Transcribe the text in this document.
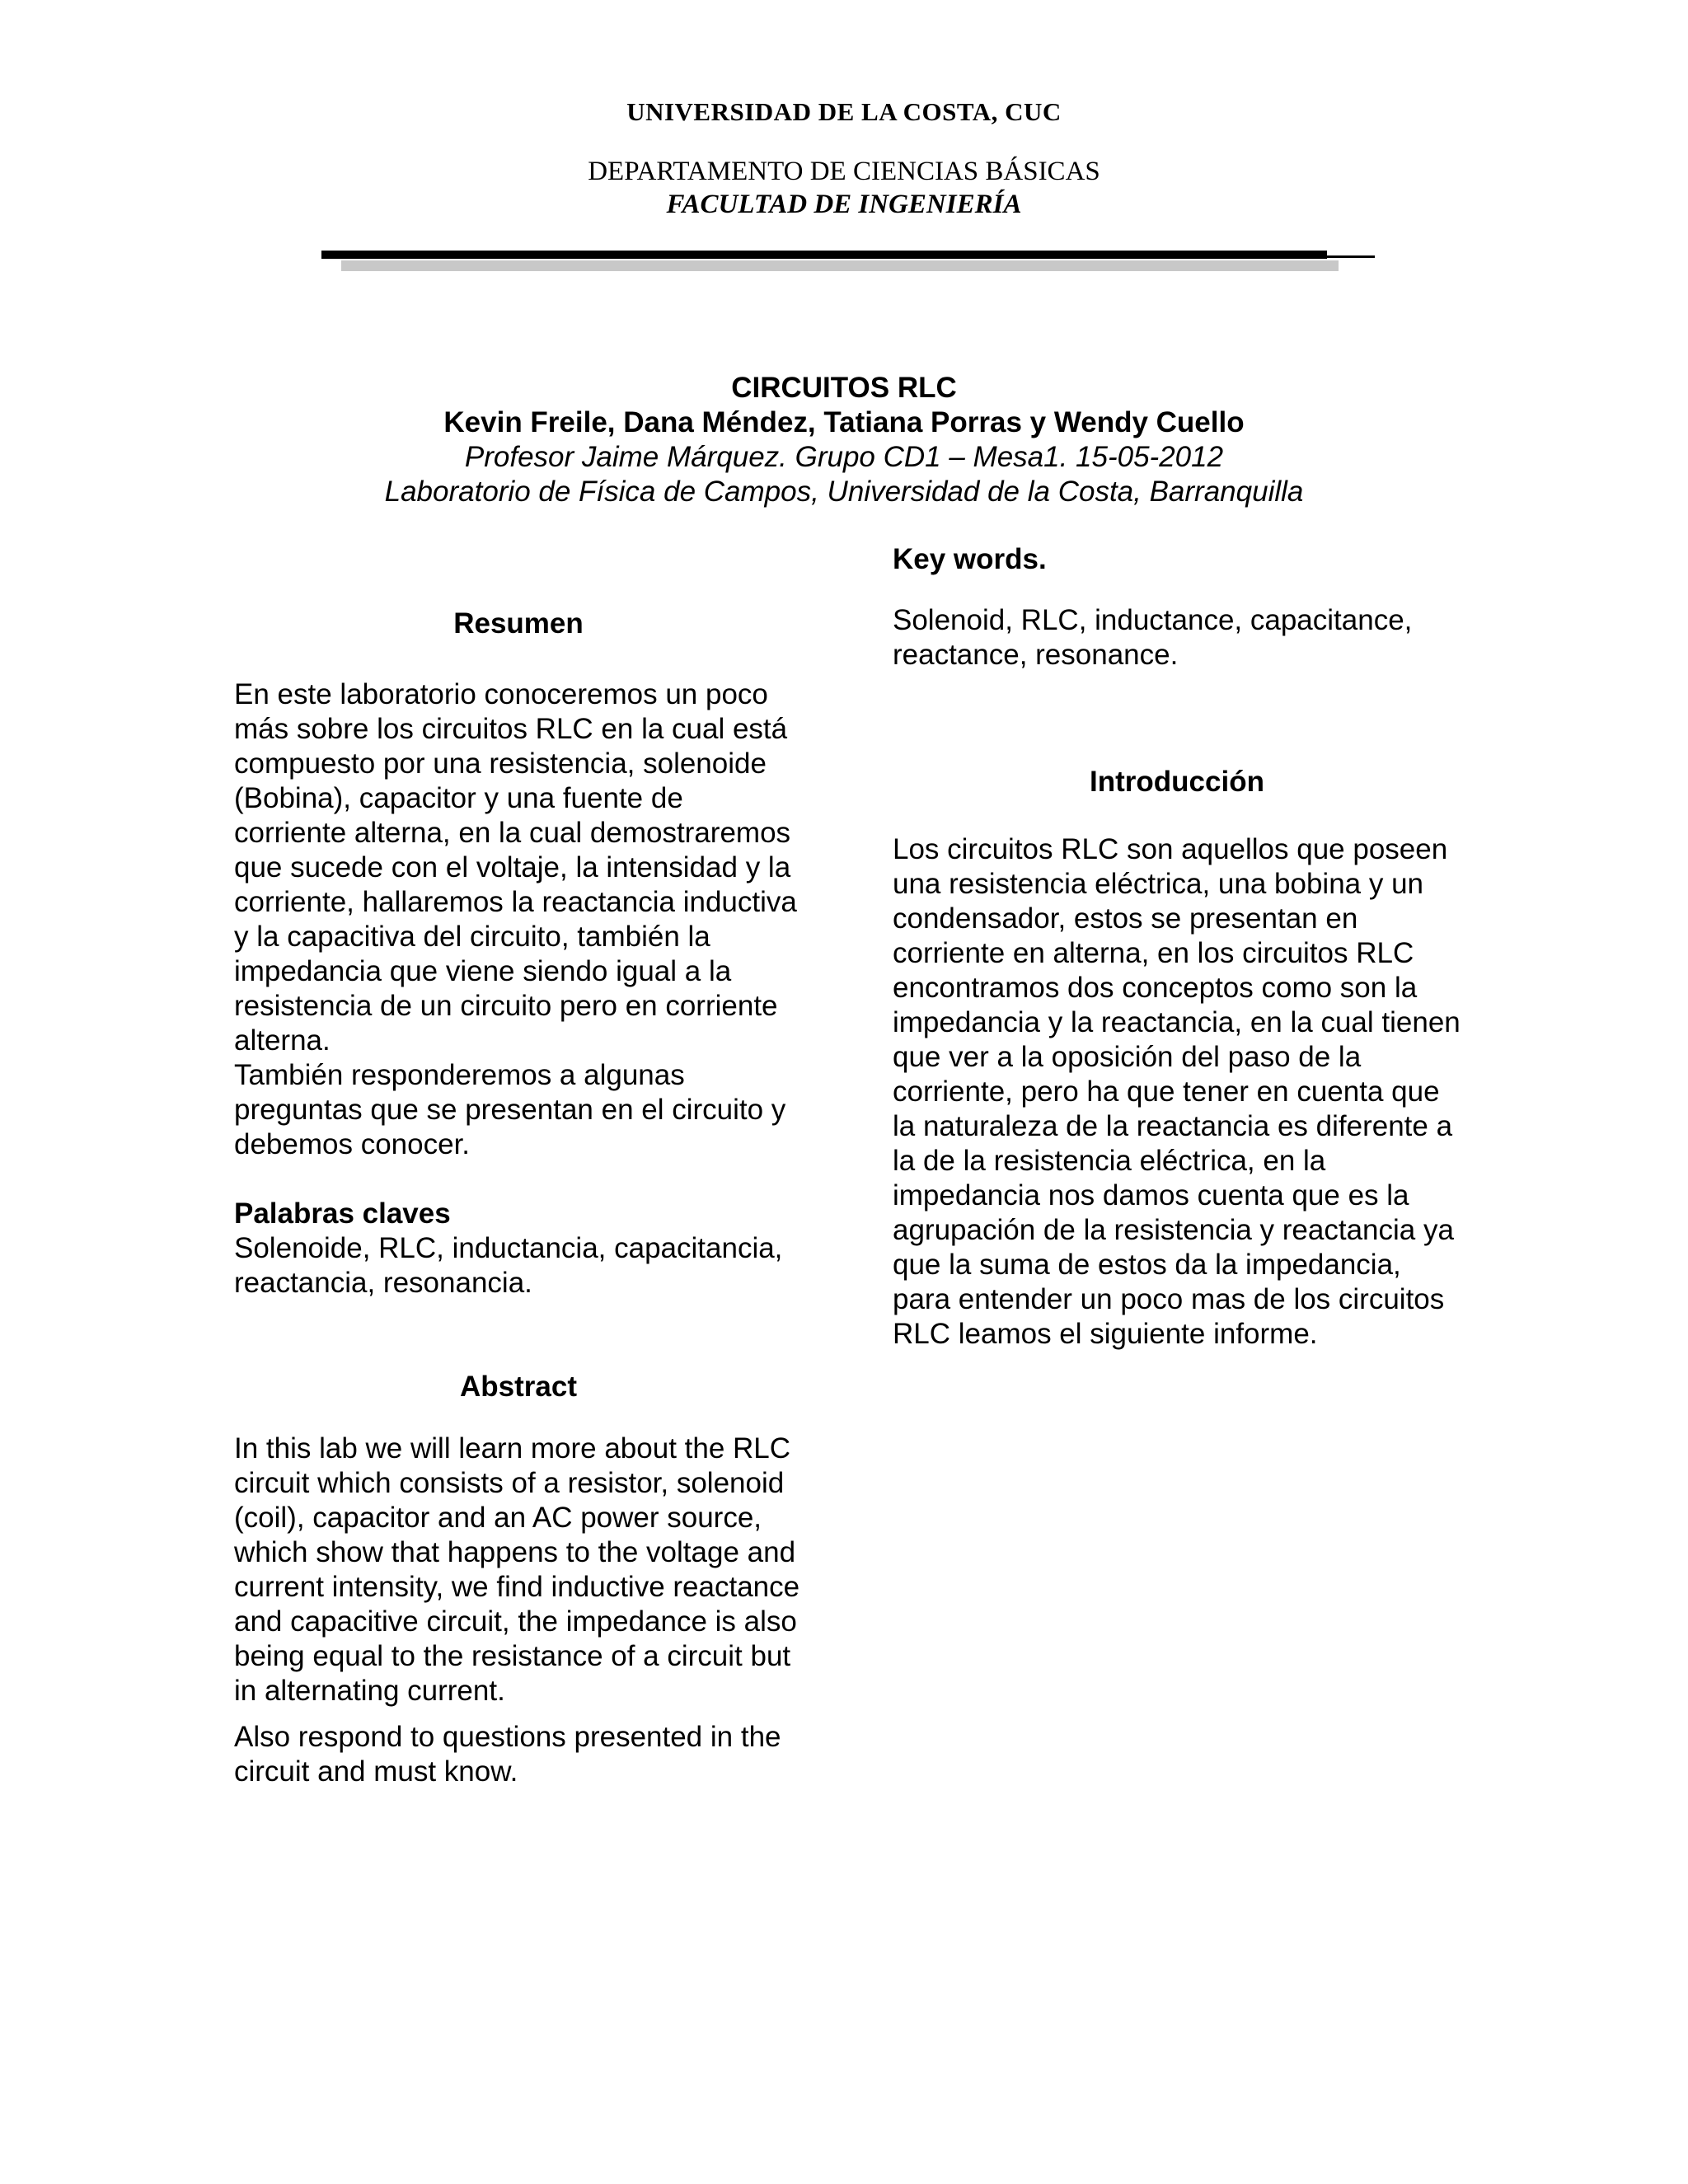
UNIVERSIDAD DE LA COSTA, CUC
DEPARTAMENTO DE CIENCIAS BÁSICAS
FACULTAD DE INGENIERÍA
CIRCUITOS RLC
Kevin Freile, Dana Méndez, Tatiana Porras y Wendy Cuello
Profesor Jaime Márquez. Grupo CD1 – Mesa1. 15-05-2012
Laboratorio de Física de Campos, Universidad de la Costa, Barranquilla
Resumen

En este laboratorio conoceremos un poco más sobre los circuitos RLC en la cual está compuesto por una resistencia, solenoide (Bobina), capacitor y una fuente de corriente alterna, en la cual demostraremos que sucede con el voltaje, la intensidad y la corriente, hallaremos la reactancia inductiva y la capacitiva del circuito, también la impedancia que viene siendo igual a la resistencia de un circuito pero en corriente alterna.

También responderemos a algunas preguntas que se presentan en el circuito y debemos conocer.

Palabras claves

Solenoide, RLC, inductancia, capacitancia, reactancia, resonancia.

Abstract

In this lab we will learn more about the RLC circuit which consists of a resistor, solenoid (coil), capacitor and an AC power source, which show that happens to the voltage and current intensity, we find inductive reactance and capacitive circuit, the impedance is also being equal to the resistance of a circuit but in alternating current.

Also respond to questions presented in the circuit and must know.

Key words.

Solenoid, RLC, inductance, capacitance, reactance, resonance.

Introducción

Los circuitos RLC son aquellos que poseen una resistencia eléctrica, una bobina y un condensador, estos se presentan en corriente en alterna, en los circuitos RLC encontramos dos conceptos como son la impedancia y la reactancia, en la cual tienen que ver a la oposición del paso de la corriente, pero ha que tener en cuenta que la naturaleza de la reactancia es diferente a la de la resistencia eléctrica, en la impedancia nos damos cuenta que es la agrupación de la resistencia y reactancia ya que la suma de estos da la impedancia, para entender un poco mas de los circuitos RLC leamos el siguiente informe.
